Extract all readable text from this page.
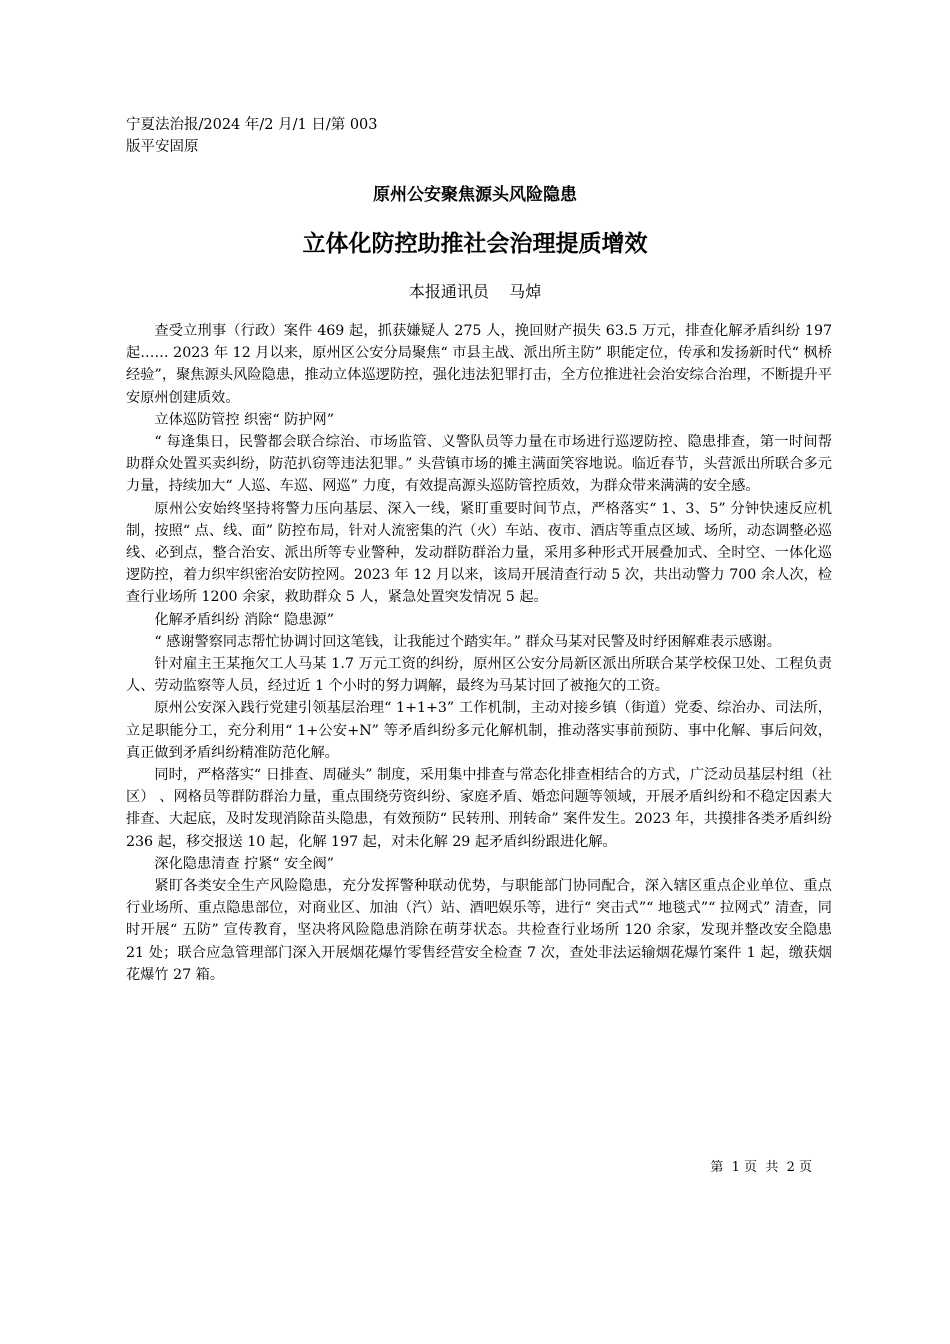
宁夏法治报/2024 年/2 月/1 日/第 003
版平安固原
原州公安聚焦源头风险隐患
立体化防控助推社会治理提质增效
本报通讯员    马焯

查受立刑事（行政）案件 469 起，抓获嫌疑人 275 人，挽回财产损失 63.5 万元，排查化解矛盾纠纷 197 起…… 2023 年 12 月以来，原州区公安分局聚焦“ 市县主战、派出所主防” 职能定位，传承和发扬新时代“ 枫桥经验”，聚焦源头风险隐患，推动立体巡逻防控，强化违法犯罪打击，全方位推进社会治安综合治理，不断提升平安原州创建质效。

立体巡防管控 织密“ 防护网”

“ 每逢集日，民警都会联合综治、市场监管、义警队员等力量在市场进行巡逻防控、隐患排查，第一时间帮助群众处置买卖纠纷，防范扒窃等违法犯罪。” 头营镇市场的摊主满面笑容地说。临近春节，头营派出所联合多元力量，持续加大“ 人巡、车巡、网巡” 力度，有效提高源头巡防管控质效，为群众带来满满的安全感。

原州公安始终坚持将警力压向基层、深入一线，紧盯重要时间节点，严格落实“ 1、3、5” 分钟快速反应机制，按照“ 点、线、面” 防控布局，针对人流密集的汽（火）车站、夜市、酒店等重点区域、场所，动态调整必巡线、必到点，整合治安、派出所等专业警种，发动群防群治力量，采用多种形式开展叠加式、全时空、一体化巡逻防控，着力织牢织密治安防控网。2023 年 12 月以来，该局开展清查行动 5 次，共出动警力 700 余人次，检查行业场所 1200 余家，救助群众 5 人，紧急处置突发情况 5 起。

化解矛盾纠纷 消除“ 隐患源”

“ 感谢警察同志帮忙协调讨回这笔钱，让我能过个踏实年。” 群众马某对民警及时纾困解难表示感谢。

针对雇主王某拖欠工人马某 1.7 万元工资的纠纷，原州区公安分局新区派出所联合某学校保卫处、工程负责人、劳动监察等人员，经过近 1 个小时的努力调解，最终为马某讨回了被拖欠的工资。

原州公安深入践行党建引领基层治理“ 1+1+3” 工作机制，主动对接乡镇（街道）党委、综治办、司法所，立足职能分工，充分利用“ 1+公安+N” 等矛盾纠纷多元化解机制，推动落实事前预防、事中化解、事后问效，真正做到矛盾纠纷精准防范化解。

同时，严格落实“ 日排查、周碰头” 制度，采用集中排查与常态化排查相结合的方式，广泛动员基层村组（社区） 、网格员等群防群治力量，重点围绕劳资纠纷、家庭矛盾、婚恋问题等领域，开展矛盾纠纷和不稳定因素大排查、大起底，及时发现消除苗头隐患，有效预防“ 民转刑、刑转命” 案件发生。2023 年，共摸排各类矛盾纠纷 236 起，移交报送 10 起，化解 197 起，对未化解 29 起矛盾纠纷跟进化解。

深化隐患清查 拧紧“ 安全阀”

紧盯各类安全生产风险隐患，充分发挥警种联动优势，与职能部门协同配合，深入辖区重点企业单位、重点行业场所、重点隐患部位，对商业区、加油（汽）站、酒吧娱乐等，进行“ 突击式”“ 地毯式”“ 拉网式” 清查，同时开展“ 五防” 宣传教育，坚决将风险隐患消除在萌芽状态。共检查行业场所 120 余家，发现并整改安全隐患 21 处；联合应急管理部门深入开展烟花爆竹零售经营安全检查 7 次，查处非法运输烟花爆竹案件 1 起，缴获烟花爆竹 27 箱。

第  1 页  共  2 页
